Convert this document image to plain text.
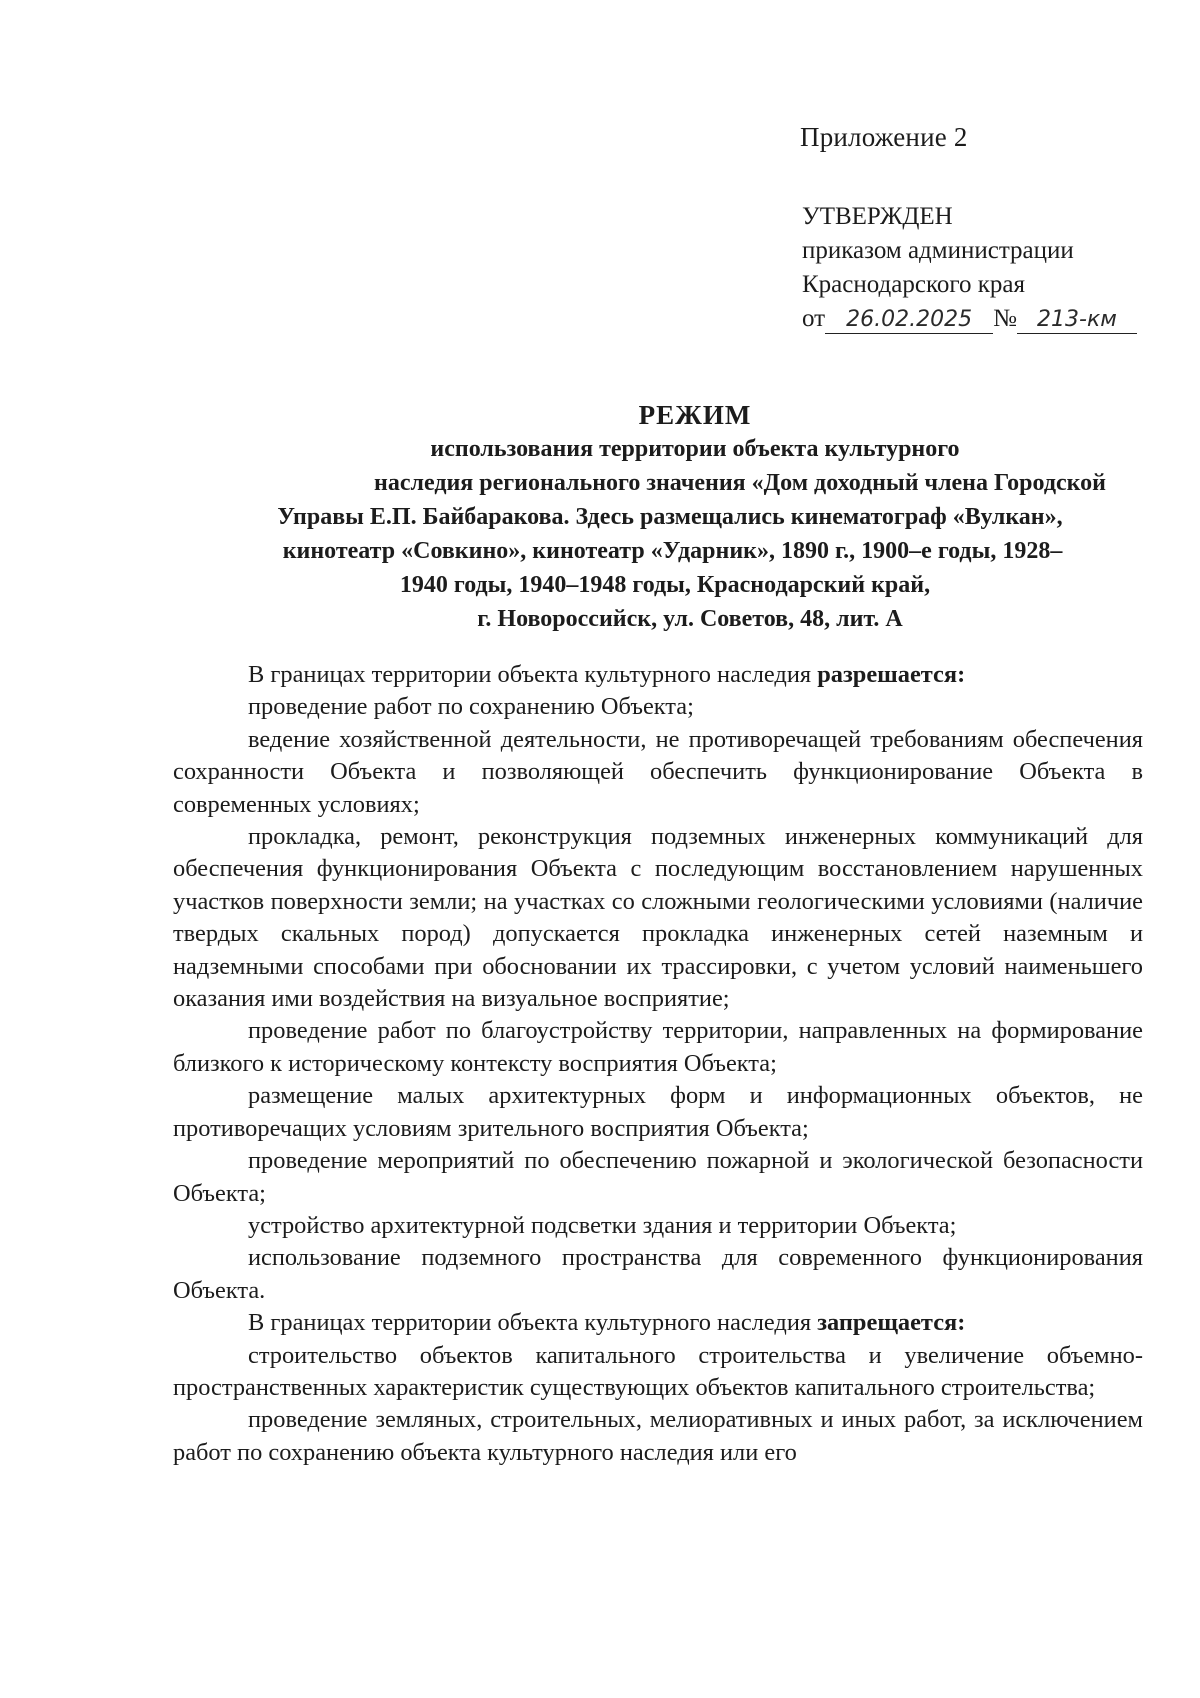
Приложение 2
УТВЕРЖДЕН
приказом администрации
Краснодарского края
от 26.02.2025 № 213-км
РЕЖИМ
использования территории объекта культурного
наследия регионального значения «Дом доходный члена Городской
Управы Е.П. Байбаракова. Здесь размещались кинематограф «Вулкан»,
кинотеатр «Совкино», кинотеатр «Ударник», 1890 г., 1900–е годы, 1928–
1940 годы, 1940–1948 годы, Краснодарский край,
г. Новороссийск, ул. Советов, 48, лит. А

В границах территории объекта культурного наследия разрешается:

проведение работ по сохранению Объекта;

ведение хозяйственной деятельности, не противоречащей требованиям обеспечения сохранности Объекта и позволяющей обеспечить функционирование Объекта в современных условиях;

прокладка, ремонт, реконструкция подземных инженерных коммуникаций для обеспечения функционирования Объекта с последующим восстановлением нарушенных участков поверхности земли; на участках со сложными геологическими условиями (наличие твердых скальных пород) допускается прокладка инженерных сетей наземным и надземными способами при обосновании их трассировки, с учетом условий наименьшего оказания ими воздействия на визуальное восприятие;

проведение работ по благоустройству территории, направленных на формирование близкого к историческому контексту восприятия Объекта;

размещение малых архитектурных форм и информационных объектов, не противоречащих условиям зрительного восприятия Объекта;

проведение мероприятий по обеспечению пожарной и экологической безопасности Объекта;

устройство архитектурной подсветки здания и территории Объекта;

использование подземного пространства для современного функционирования Объекта.

В границах территории объекта культурного наследия запрещается:

строительство объектов капитального строительства и увеличение объемно-пространственных характеристик существующих объектов капитального строительства;

проведение земляных, строительных, мелиоративных и иных работ, за исключением работ по сохранению объекта культурного наследия или его
